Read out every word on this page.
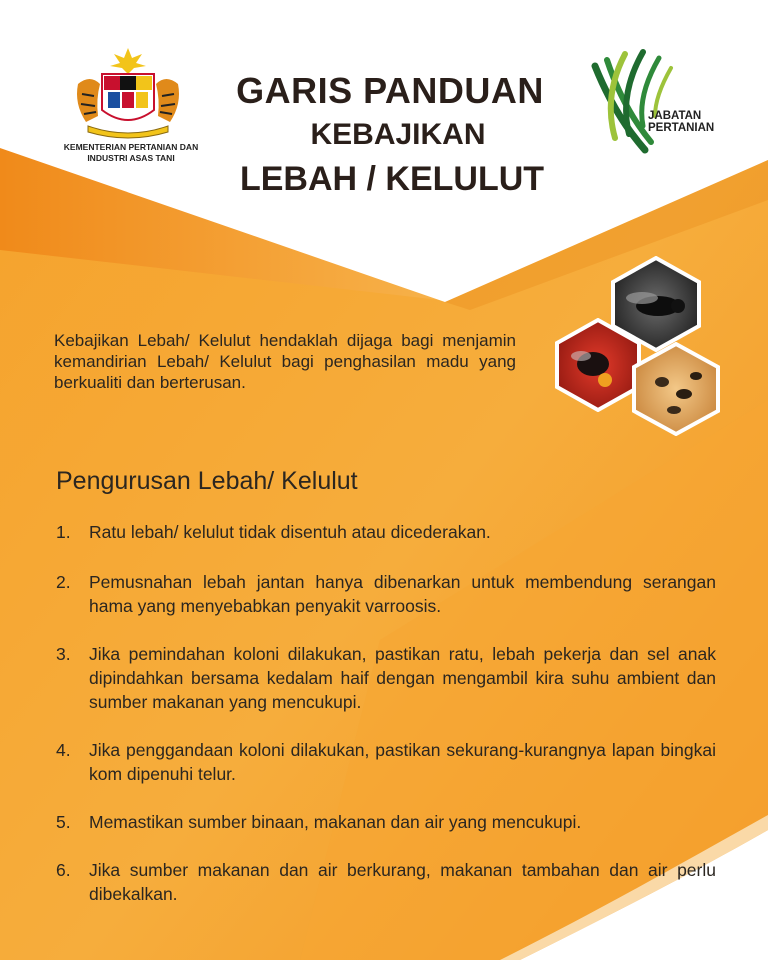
KEMENTERIAN PERTANIAN DAN
INDUSTRI ASAS TANI
GARIS PANDUAN
KEBAJIKAN
LEBAH / KELULUT
JABATAN
PERTANIAN
Kebajikan Lebah/ Kelulut hendaklah dijaga bagi menjamin kemandirian Lebah/ Kelulut bagi penghasilan madu yang berkualiti dan berterusan.
Pengurusan Lebah/ Kelulut
1.	Ratu lebah/ kelulut tidak disentuh atau dicederakan.
2.	Pemusnahan lebah jantan hanya dibenarkan untuk membendung serangan hama yang menyebabkan penyakit varroosis.
3.	Jika pemindahan koloni dilakukan, pastikan ratu, lebah pekerja dan sel anak dipindahkan bersama kedalam haif dengan mengambil kira suhu ambient dan sumber makanan yang mencukupi.
4.	Jika penggandaan koloni dilakukan, pastikan sekurang-kurangnya lapan bingkai kom dipenuhi telur.
5.	Memastikan sumber binaan, makanan dan air yang mencukupi.
6.	Jika sumber makanan dan air berkurang, makanan tambahan dan air perlu dibekalkan.
